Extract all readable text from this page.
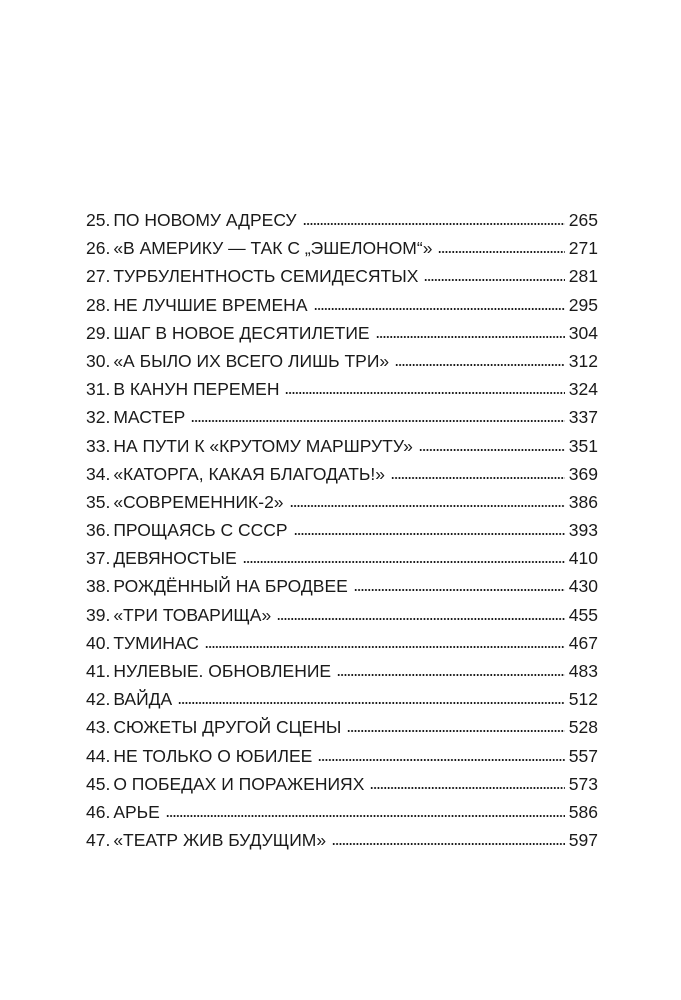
25. ПО НОВОМУ АДРЕСУ	265
26. «В АМЕРИКУ — ТАК С „ЭШЕЛОНОМ“»	271
27. ТУРБУЛЕНТНОСТЬ СЕМИДЕСЯТЫХ	281
28. НЕ ЛУЧШИЕ ВРЕМЕНА	295
29. ШАГ В НОВОЕ ДЕСЯТИЛЕТИЕ	304
30. «А БЫЛО ИХ ВСЕГО ЛИШЬ ТРИ»	312
31. В КАНУН ПЕРЕМЕН	324
32. МАСТЕР	337
33. НА ПУТИ К «КРУТОМУ МАРШРУТУ»	351
34. «КАТОРГА, КАКАЯ БЛАГОДАТЬ!»	369
35. «СОВРЕМЕННИК-2»	386
36. ПРОЩАЯСЬ С СССР	393
37. ДЕВЯНОСТЫЕ	410
38. РОЖДЁННЫЙ НА БРОДВЕЕ	430
39. «ТРИ ТОВАРИЩА»	455
40. ТУМИНАС	467
41. НУЛЕВЫЕ. ОБНОВЛЕНИЕ	483
42. ВАЙДА	512
43. СЮЖЕТЫ ДРУГОЙ СЦЕНЫ	528
44. НЕ ТОЛЬКО О ЮБИЛЕЕ	557
45. О ПОБЕДАХ И ПОРАЖЕНИЯХ	573
46. АРЬЕ	586
47. «ТЕАТР ЖИВ БУДУЩИМ»	597
